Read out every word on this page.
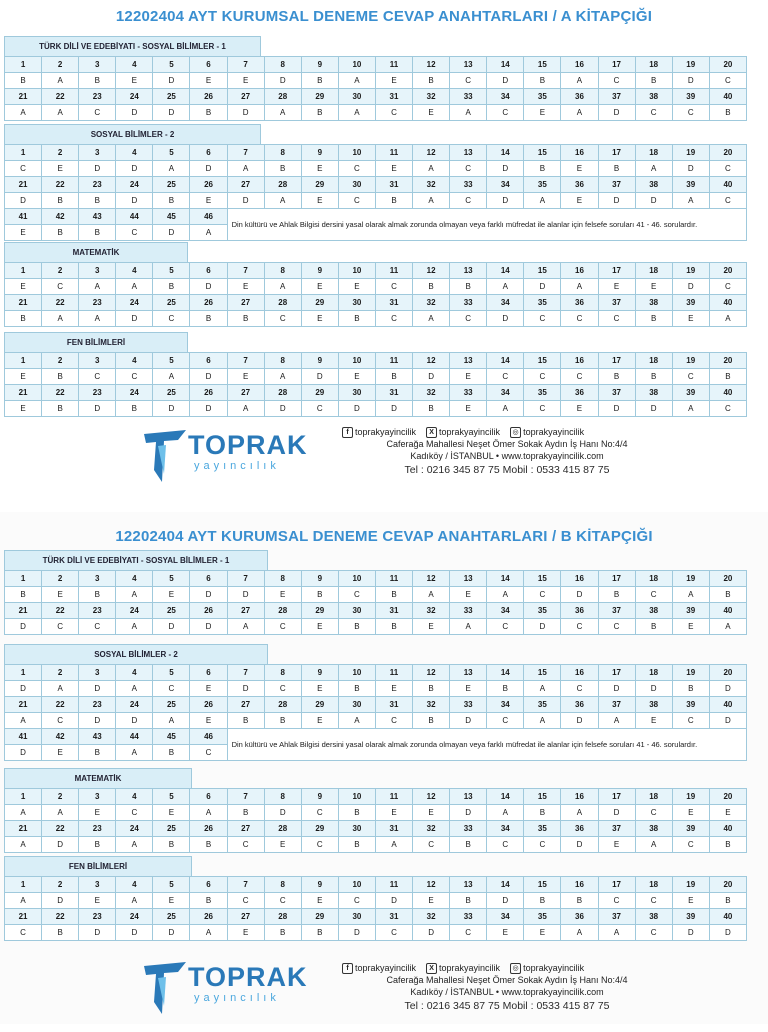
12202404 AYT KURUMSAL DENEME CEVAP ANAHTARLARI / A KİTAPÇIĞI
TÜRK DİLİ VE EDEBİYATI - SOSYAL BİLİMLER - 1
1	2	3	4	5	6	7	8	9	10	11	12	13	14	15	16	17	18	19	20
B	A	B	E	D	E	E	D	B	A	E	B	C	D	B	A	C	B	D	C
21	22	23	24	25	26	27	28	29	30	31	32	33	34	35	36	37	38	39	40
A	A	C	D	D	B	D	A	B	A	C	E	A	C	E	A	D	C	C	B
SOSYAL BİLİMLER - 2
1	2	3	4	5	6	7	8	9	10	11	12	13	14	15	16	17	18	19	20
C	E	D	D	A	D	A	B	E	C	E	A	C	D	B	E	B	A	D	C
21	22	23	24	25	26	27	28	29	30	31	32	33	34	35	36	37	38	39	40
D	B	B	D	B	E	D	A	E	C	B	A	C	D	A	E	D	D	A	C
41	42	43	44	45	46	Din kültürü ve Ahlak Bilgisi dersini yasal olarak almak zorunda olmayan veya farklı müfredat ile alanlar için felsefe soruları 41 - 46. sorulardır.													
E	B	B	C	D	A														
MATEMATİK
1	2	3	4	5	6	7	8	9	10	11	12	13	14	15	16	17	18	19	20
E	C	A	A	B	D	E	A	E	E	C	B	B	A	D	A	E	E	D	C
21	22	23	24	25	26	27	28	29	30	31	32	33	34	35	36	37	38	39	40
B	A	A	D	C	B	B	C	E	B	C	A	C	D	C	C	C	B	E	A
FEN BİLİMLERİ
1	2	3	4	5	6	7	8	9	10	11	12	13	14	15	16	17	18	19	20
E	B	C	C	A	D	E	A	D	E	B	D	E	C	C	C	B	B	C	B
21	22	23	24	25	26	27	28	29	30	31	32	33	34	35	36	37	38	39	40
E	B	D	B	D	D	A	D	C	D	D	B	E	A	C	E	D	D	A	C
TOPRAK
yayıncılık
f toprakyayincilik	X toprakyayincilik	◎ toprakyayincilik
Caferağa Mahallesi Neşet Ömer Sokak Aydın İş Hanı No:4/4
Kadıköy / İSTANBUL • www.toprakyayincilik.com
Tel : 0216 345 87 75 Mobil : 0533 415 87 75
12202404 AYT KURUMSAL DENEME CEVAP ANAHTARLARI / B KİTAPÇIĞI
TÜRK DİLİ VE EDEBİYATI - SOSYAL BİLİMLER - 1
1	2	3	4	5	6	7	8	9	10	11	12	13	14	15	16	17	18	19	20
B	E	B	A	E	D	D	E	B	C	B	A	E	A	C	D	B	C	A	B
21	22	23	24	25	26	27	28	29	30	31	32	33	34	35	36	37	38	39	40
D	C	C	A	D	D	A	C	E	B	B	E	A	C	D	C	C	B	E	A
SOSYAL BİLİMLER - 2
1	2	3	4	5	6	7	8	9	10	11	12	13	14	15	16	17	18	19	20
D	A	D	A	C	E	D	C	E	B	E	B	E	B	A	C	D	D	B	D
21	22	23	24	25	26	27	28	29	30	31	32	33	34	35	36	37	38	39	40
A	C	D	D	A	E	B	B	E	A	C	B	D	C	A	D	A	E	C	D
41	42	43	44	45	46	Din kültürü ve Ahlak Bilgisi dersini yasal olarak almak zorunda olmayan veya farklı müfredat ile alanlar için felsefe soruları 41 - 46. sorulardır.													
D	E	B	A	B	C														
MATEMATİK
1	2	3	4	5	6	7	8	9	10	11	12	13	14	15	16	17	18	19	20
A	A	E	C	E	A	B	D	C	B	E	E	D	A	B	A	D	C	E	E
21	22	23	24	25	26	27	28	29	30	31	32	33	34	35	36	37	38	39	40
A	D	B	A	B	B	C	E	C	B	A	C	B	C	C	D	E	A	C	B
FEN BİLİMLERİ
1	2	3	4	5	6	7	8	9	10	11	12	13	14	15	16	17	18	19	20
A	D	E	A	E	B	C	C	E	C	D	E	B	D	B	B	C	C	E	B
21	22	23	24	25	26	27	28	29	30	31	32	33	34	35	36	37	38	39	40
C	B	D	D	D	A	E	B	B	D	C	D	C	E	E	A	A	C	D	D
TOPRAK
yayıncılık
f toprakyayincilik	X toprakyayincilik	◎ toprakyayincilik
Caferağa Mahallesi Neşet Ömer Sokak Aydın İş Hanı No:4/4
Kadıköy / İSTANBUL • www.toprakyayincilik.com
Tel : 0216 345 87 75 Mobil : 0533 415 87 75
